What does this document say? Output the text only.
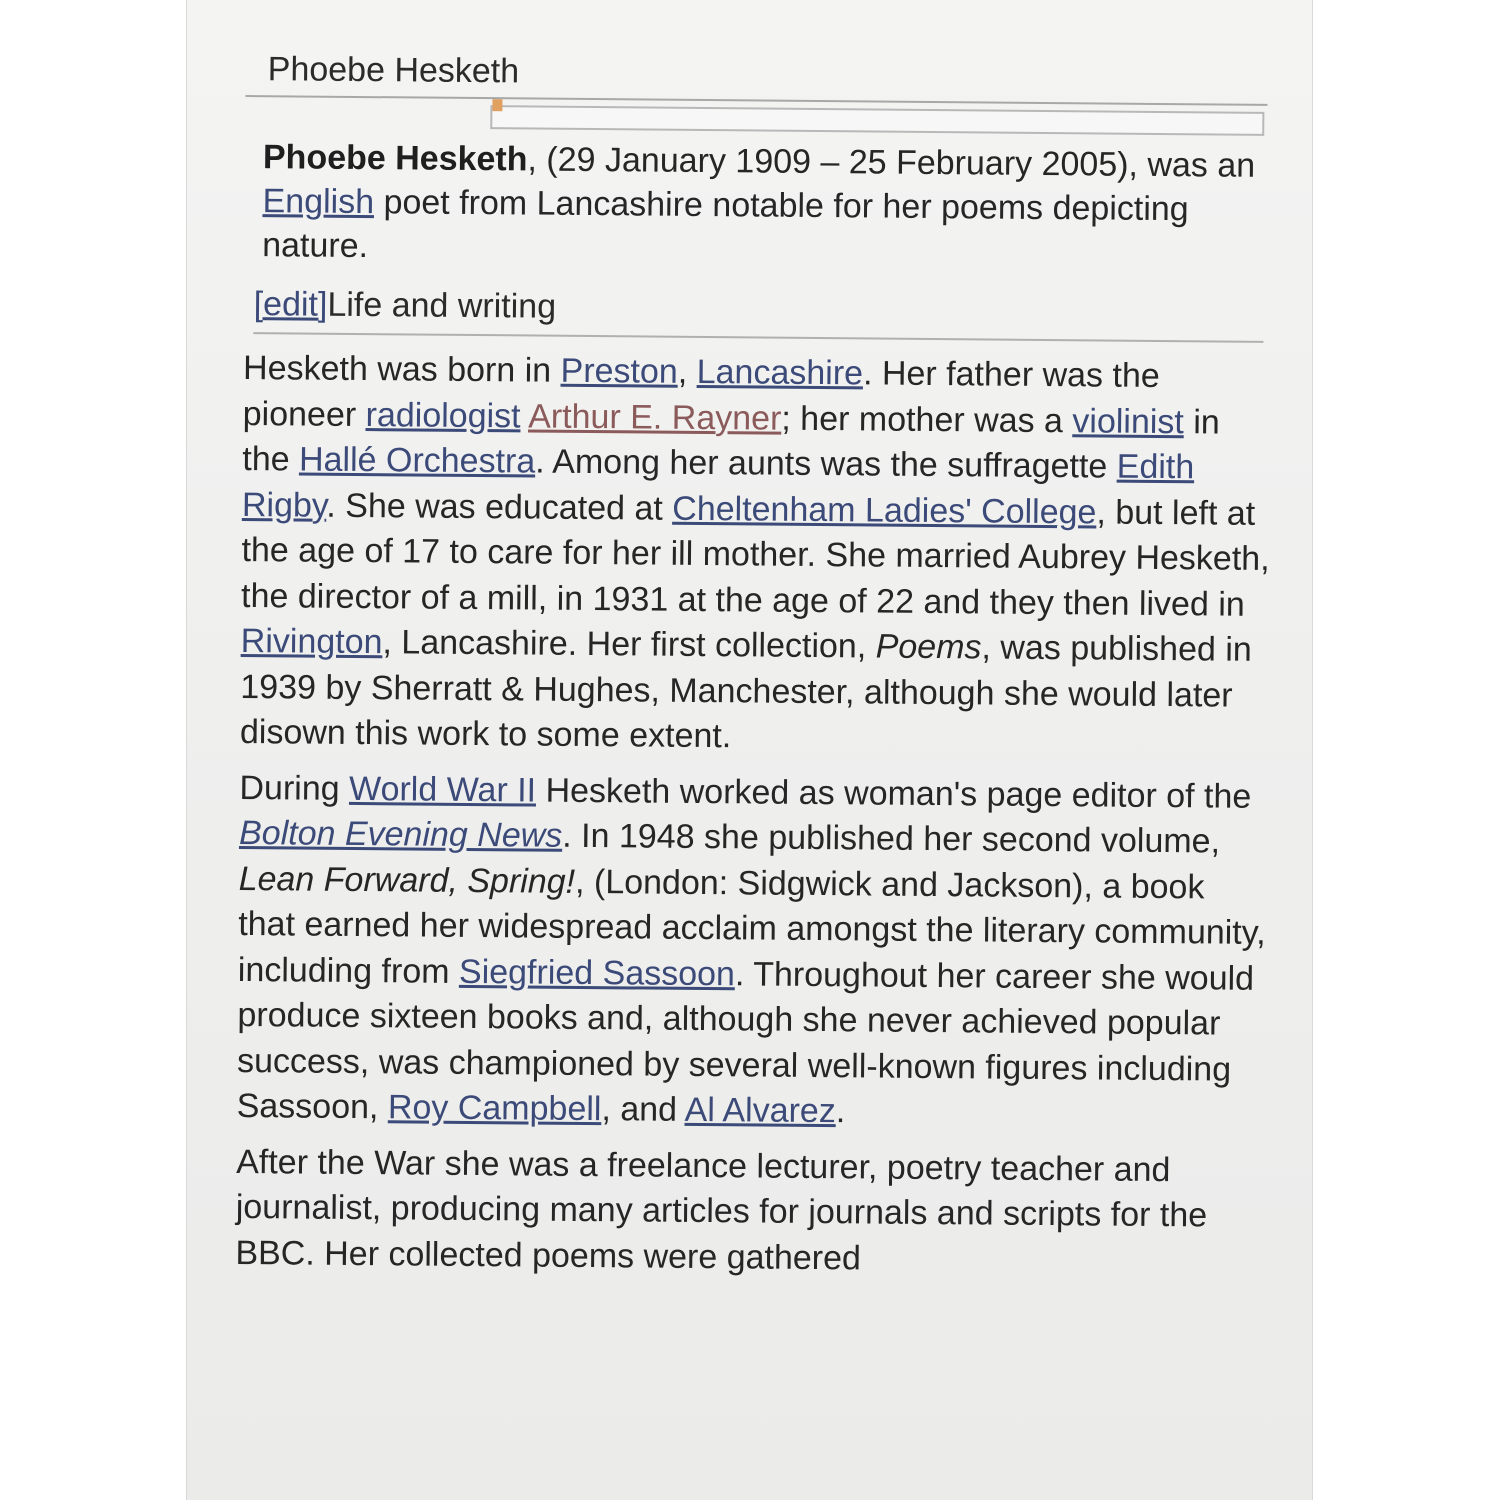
Phoebe Hesketh

Phoebe Hesketh, (29 January 1909 – 25 February 2005), was an English poet from Lancashire notable for her poems depicting nature.

[edit]Life and writing

Hesketh was born in Preston, Lancashire. Her father was the pioneer radiologist Arthur E. Rayner; her mother was a violinist in the Hallé Orchestra. Among her aunts was the suffragette Edith Rigby. She was educated at Cheltenham Ladies' College, but left at the age of 17 to care for her ill mother. She married Aubrey Hesketh, the director of a mill, in 1931 at the age of 22 and they then lived in Rivington, Lancashire. Her first collection, Poems, was published in 1939 by Sherratt & Hughes, Manchester, although she would later disown this work to some extent.

During World War II Hesketh worked as woman's page editor of the Bolton Evening News. In 1948 she published her second volume, Lean Forward, Spring!, (London: Sidgwick and Jackson), a book that earned her widespread acclaim amongst the literary community, including from Siegfried Sassoon. Throughout her career she would produce sixteen books and, although she never achieved popular success, was championed by several well-known figures including Sassoon, Roy Campbell, and Al Alvarez.

After the War she was a freelance lecturer, poetry teacher and journalist, producing many articles for journals and scripts for the BBC. Her collected poems were gathered
